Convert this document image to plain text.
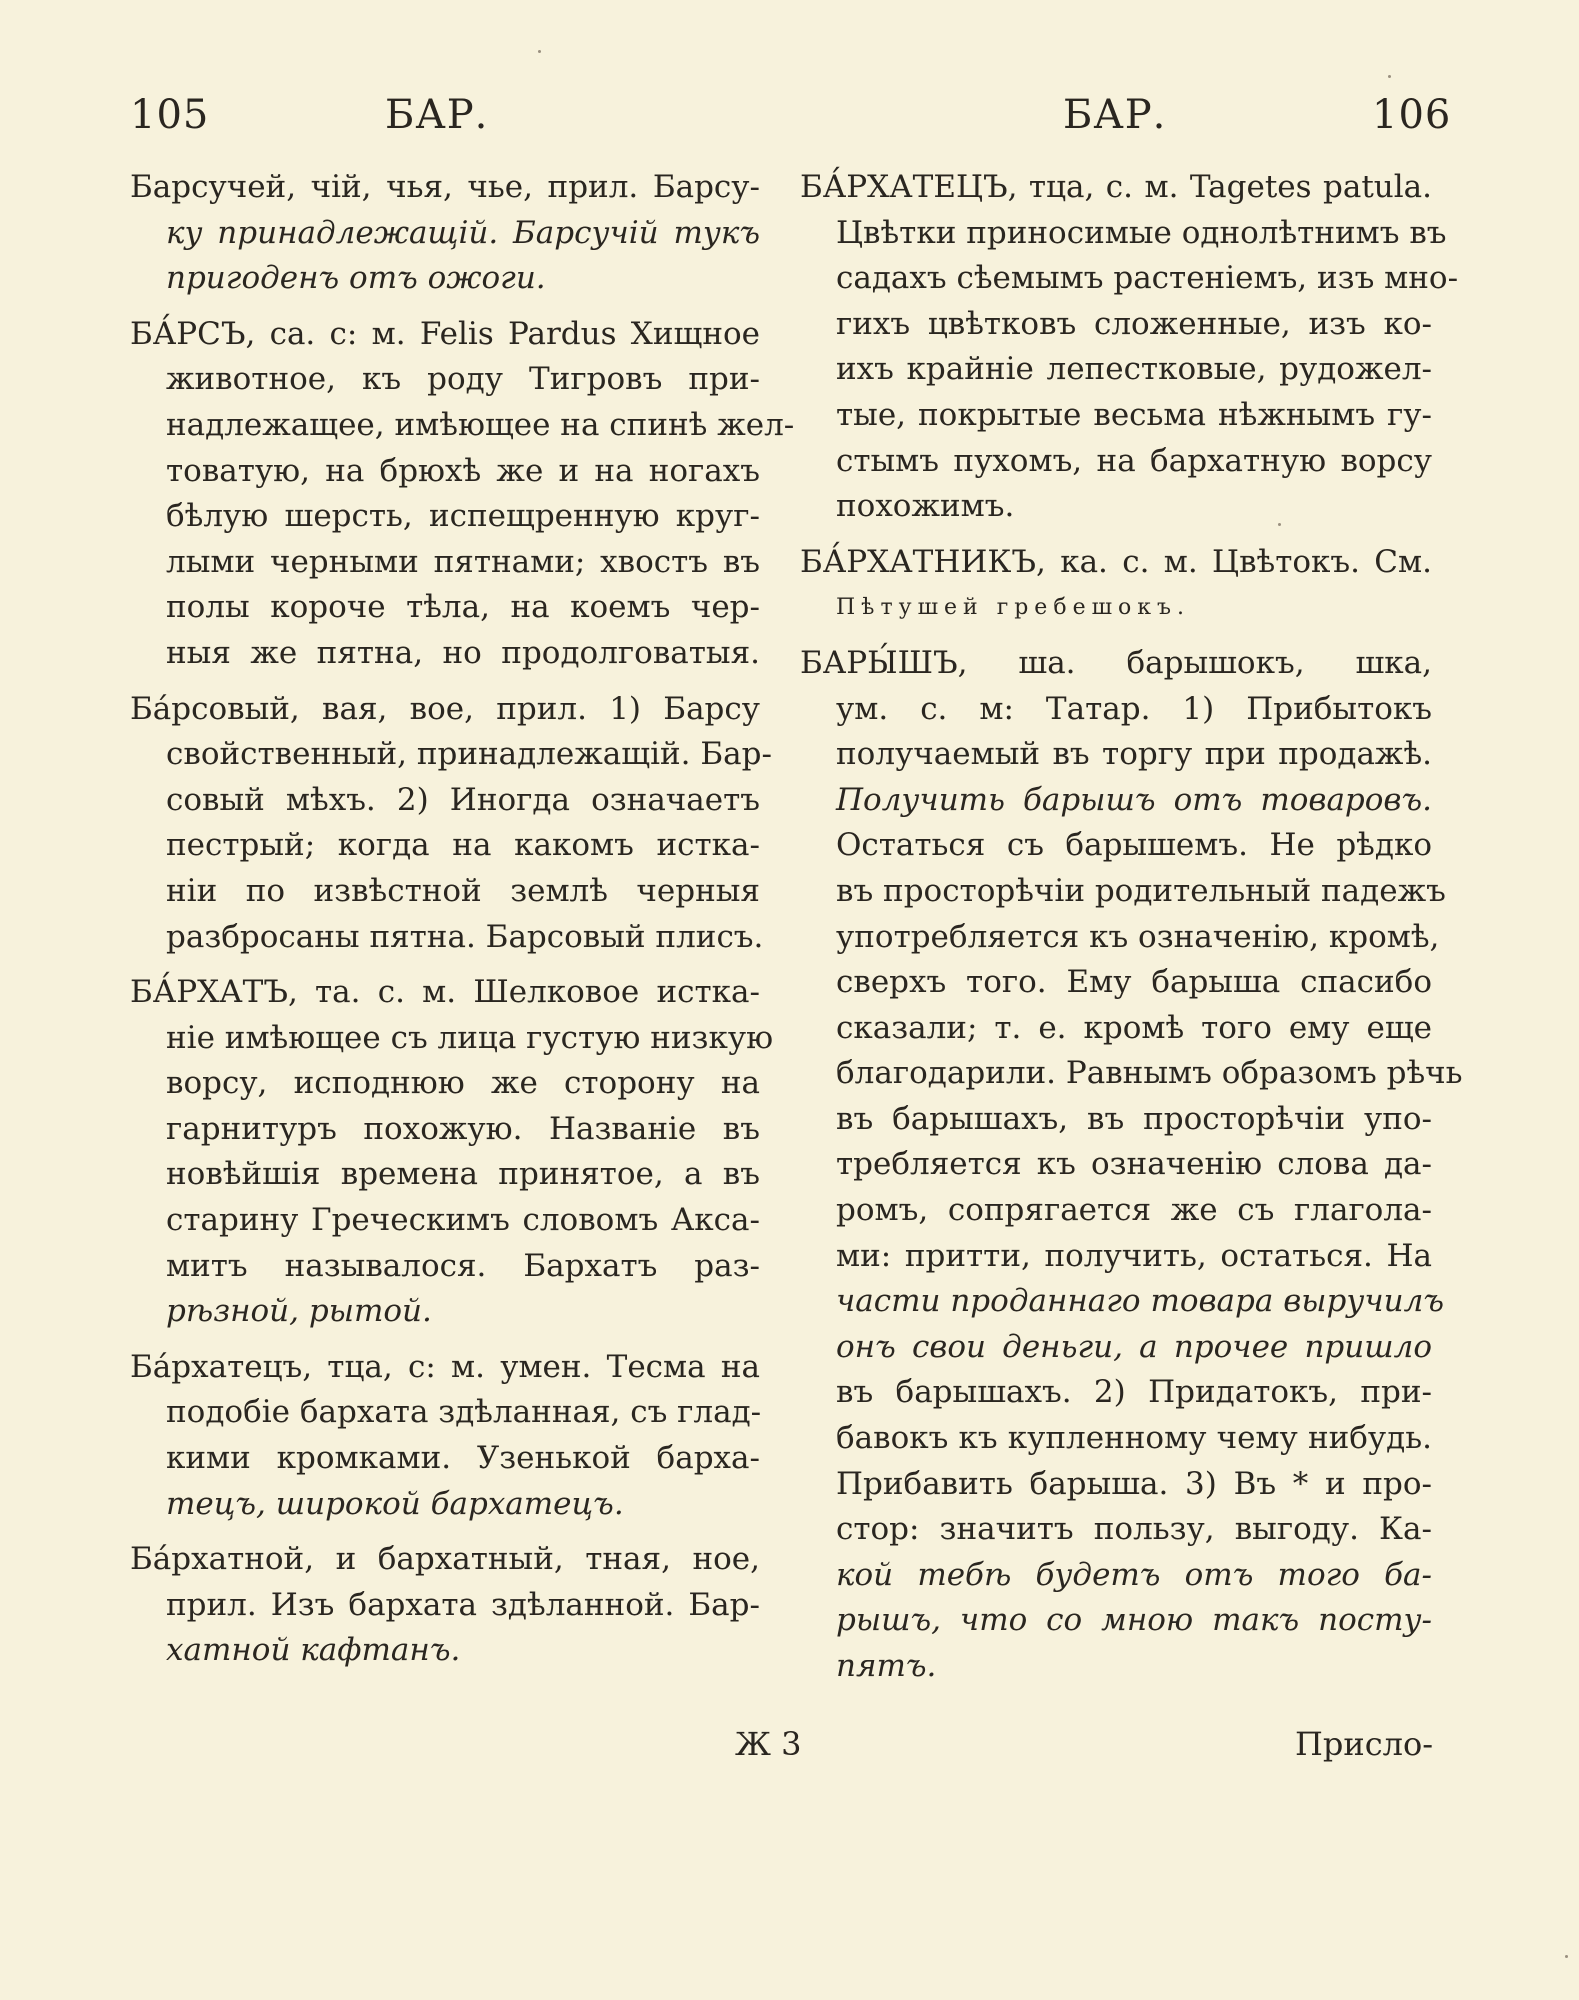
105	БАР.	БАР.	106
Барсучей, чій, чья, чье, прил. Барсу-
ку принадлежащій. Барсучій тукъ
пригоденъ отъ ожоги.
БА́РСЪ, са. с: м. Felis Pardus Хищное
животное, къ роду Тигровъ при-
надлежащее, имѣющее на спинѣ жел-
товатую, на брюхѣ же и на ногахъ
бѣлую шерсть, испещренную круг-
лыми черными пятнами; хвостъ въ
полы короче тѣла, на коемъ чер-
ныя же пятна, но продолговатыя.
Ба́рсовый, вая, вое, прил. 1) Барсу
свойственный, принадлежащій. Бар-
совый мѣхъ. 2) Иногда означаетъ
пестрый; когда на какомъ истка-
ніи по извѣстной землѣ черныя
разбросаны пятна. Барсовый плисъ.
БА́РХАТЪ, та. с. м. Шелковое истка-
ніе имѣющее съ лица густую низкую
ворсу, исподнюю же сторону на
гарнитуръ похожую. Названіе въ
новѣйшія времена принятое, а въ
старину Греческимъ словомъ Акса-
митъ называлося. Бархатъ раз-
рѣзной, рытой.
Ба́рхатецъ, тца, с: м. умен. Тесма на
подобіе бархата здѣланная, съ глад-
кими кромками. Узенькой барха-
тецъ, широкой бархатецъ.
Ба́рхатной, и бархатный, тная, ное,
прил. Изъ бархата здѣланной. Бар-
хатной кафтанъ.
БА́РХАТЕЦЪ, тца, с. м. Tagetes patula.
Цвѣтки приносимые однолѣтнимъ въ
садахъ сѣемымъ растеніемъ, изъ мно-
гихъ цвѣтковъ сложенные, изъ ко-
ихъ крайніе лепестковые, рудожел-
тые, покрытые весьма нѣжнымъ гу-
стымъ пухомъ, на бархатную ворсу
похожимъ.
БА́РХАТНИКЪ, ка. с. м. Цвѣтокъ. См.
Пѣтушей гребешокъ.
БАРЫ́ШЪ, ша. барышокъ, шка,
ум. с. м: Татар. 1) Прибытокъ
получаемый въ торгу при продажѣ.
Получить барышъ отъ товаровъ.
Остаться съ барышемъ. Не рѣдко
въ просторѣчіи родительный падежъ
употребляется къ означенію, кромѣ,
сверхъ того. Ему барыша спасибо
сказали; т. е. кромѣ того ему еще
благодарили. Равнымъ образомъ рѣчь
въ барышахъ, въ просторѣчіи упо-
требляется къ означенію слова да-
ромъ, сопрягается же съ глагола-
ми: притти, получить, остаться. На
части проданнаго товара выручилъ
онъ свои деньги, а прочее пришло
въ барышахъ. 2) Придатокъ, при-
бавокъ къ купленному чему нибудь.
Прибавить барыша. 3) Въ * и про-
стор: значитъ пользу, выгоду. Ка-
кой тебѣ будетъ отъ того ба-
рышъ, что со мною такъ посту-
пятъ.
Ж 3	Присло-
